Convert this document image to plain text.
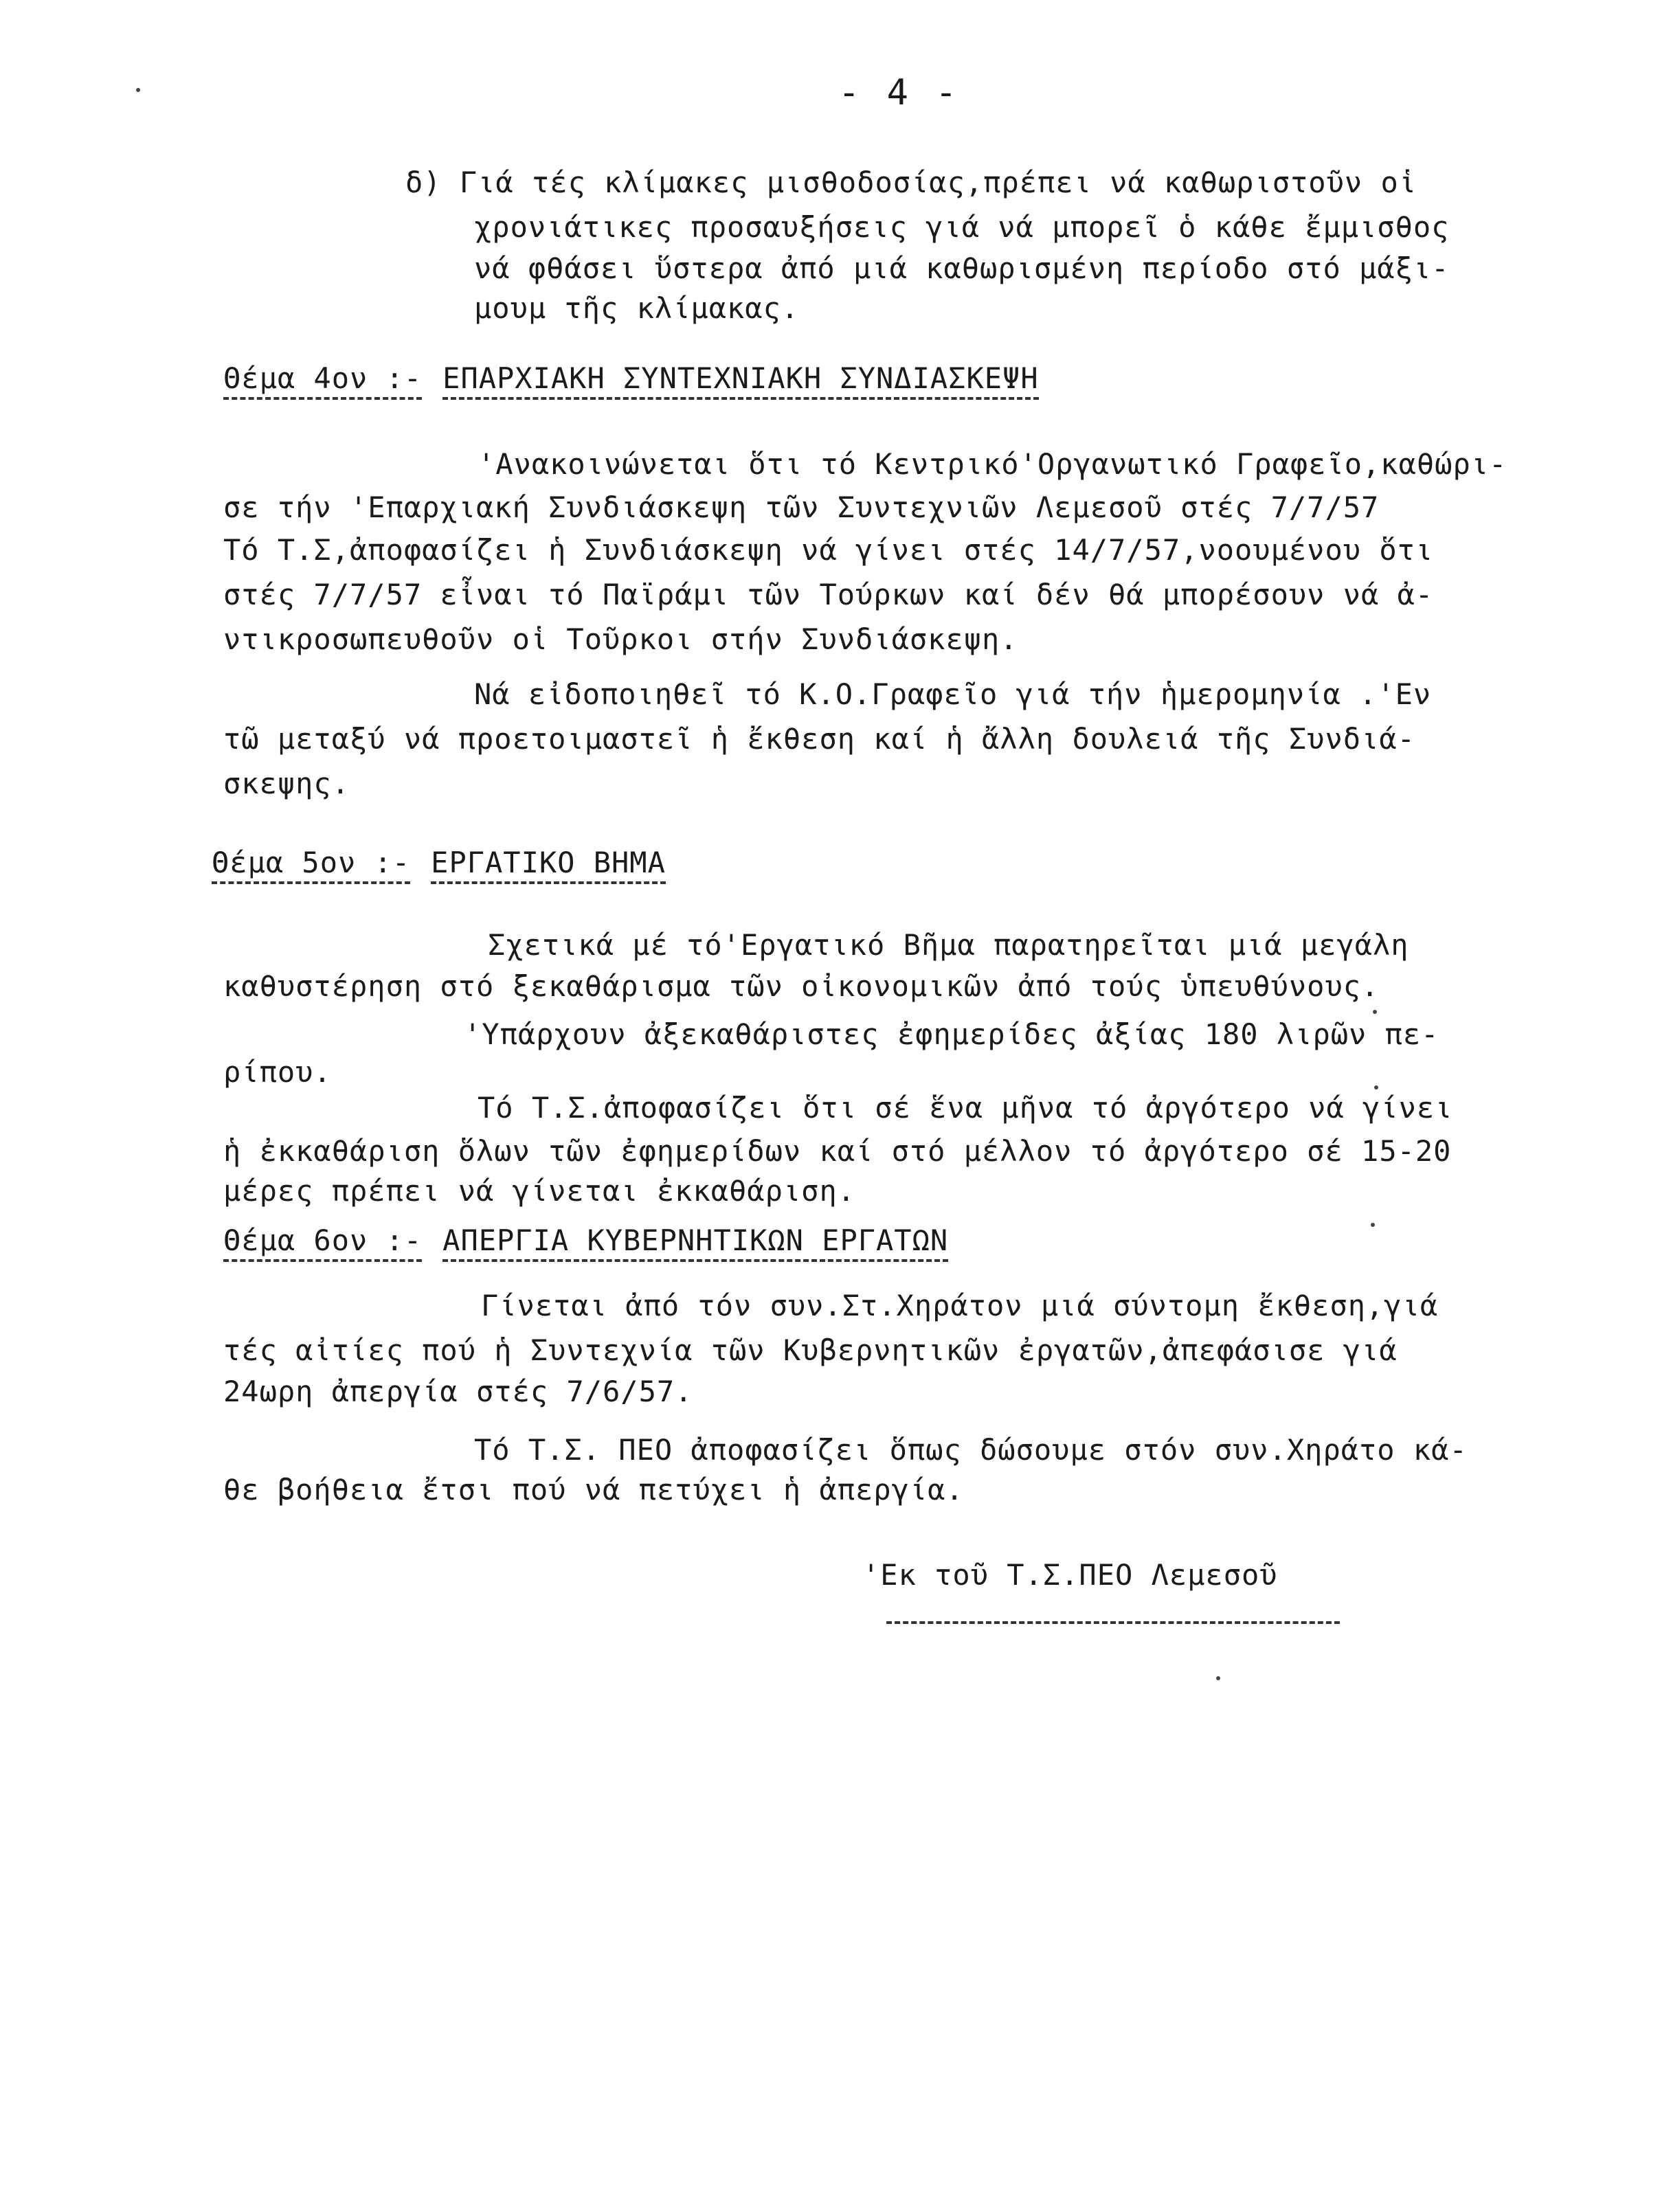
- 4 -
δ) Γιά τές κλίμακες μισθοδοσίας,πρέπει νά καθωριστοῦν οἱ
χρονιάτικες προσαυξήσεις γιά νά μπορεῖ ὁ κάθε ἔμμισθος
νά φθάσει ὕστερα ἀπό μιά καθωρισμένη περίοδο στό μάξι-
μουμ τῆς κλίμακας.
Θέμα 4ον :- ΕΠΑΡΧΙΑΚΗ ΣΥΝΤΕΧΝΙΑΚΗ ΣΥΝΔΙΑΣΚΕΨΗ
'Ανακοινώνεται ὅτι τό Κεντρικό'Οργανωτικό Γραφεῖο,καθώρι-
σε τήν 'Επαρχιακή Συνδιάσκεψη τῶν Συντεχνιῶν Λεμεσοῦ στές 7/7/57
Τό Τ.Σ,ἀποφασίζει ἡ Συνδιάσκεψη νά γίνει στές 14/7/57,νοουμένου ὅτι
στές 7/7/57 εἶναι τό Παϊράμι τῶν Τούρκων καί δέν θά μπορέσουν νά ἀ-
ντικροσωπευθοῦν οἱ Τοῦρκοι στήν Συνδιάσκεψη.
Νά εἰδοποιηθεῖ τό Κ.Ο.Γραφεῖο γιά τήν ἡμερομηνία .'Εν
τῶ μεταξύ νά προετοιμαστεῖ ἡ ἔκθεση καί ἡ ἄλλη δουλειά τῆς Συνδιά-
σκεψης.
Θέμα 5ον :- ΕΡΓΑΤΙΚΟ ΒΗΜΑ
Σχετικά μέ τό'Εργατικό Βῆμα παρατηρεῖται μιά μεγάλη
καθυστέρηση στό ξεκαθάρισμα τῶν οἰκονομικῶν ἀπό τούς ὑπευθύνους.
'Υπάρχουν ἀξεκαθάριστες ἐφημερίδες ἀξίας 180 λιρῶν πε-
ρίπου.
Τό Τ.Σ.ἀποφασίζει ὅτι σέ ἕνα μῆνα τό ἀργότερο νά γίνει
ἡ ἐκκαθάριση ὅλων τῶν ἐφημερίδων καί στό μέλλον τό ἀργότερο σέ 15-20
μέρες πρέπει νά γίνεται ἐκκαθάριση.
Θέμα 6ον :- ΑΠΕΡΓΙΑ ΚΥΒΕΡΝΗΤΙΚΩΝ ΕΡΓΑΤΩΝ
Γίνεται ἀπό τόν συν.Στ.Χηράτον μιά σύντομη ἔκθεση,γιά
τές αἰτίες πού ἡ Συντεχνία τῶν Κυβερνητικῶν ἐργατῶν,ἀπεφάσισε γιά
24ωρη ἀπεργία στές 7/6/57.
Τό Τ.Σ. ΠΕΟ ἀποφασίζει ὅπως δώσουμε στόν συν.Χηράτο κά-
θε βοήθεια ἔτσι πού νά πετύχει ἡ ἀπεργία.
'Εκ τοῦ Τ.Σ.ΠΕΟ Λεμεσοῦ
